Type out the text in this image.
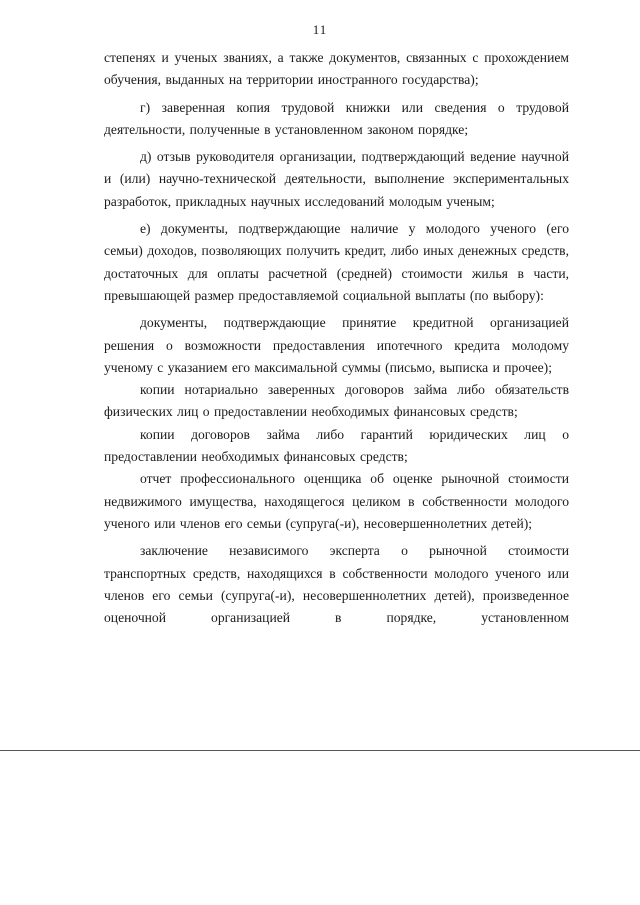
11

степенях и ученых званиях, а также документов, связанных с прохождением обучения, выданных на территории иностранного государства);

г) заверенная копия трудовой книжки или сведения о трудовой деятельности, полученные в установленном законом порядке;

д) отзыв руководителя организации, подтверждающий ведение научной и (или) научно-технической деятельности, выполнение экспериментальных разработок, прикладных научных исследований молодым ученым;

е) документы, подтверждающие наличие у молодого ученого (его семьи) доходов, позволяющих получить кредит, либо иных денежных средств, достаточных для оплаты расчетной (средней) стоимости жилья в части, превышающей размер предоставляемой социальной выплаты (по выбору):

документы, подтверждающие принятие кредитной организацией решения о возможности предоставления ипотечного кредита молодому ученому с указанием его максимальной суммы (письмо, выписка и прочее);

копии нотариально заверенных договоров займа либо обязательств физических лиц о предоставлении необходимых финансовых средств;

копии договоров займа либо гарантий юридических лиц о предоставлении необходимых финансовых средств;

отчет профессионального оценщика об оценке рыночной стоимости недвижимого имущества, находящегося целиком в собственности молодого ученого или членов его семьи (супруга(-и), несовершеннолетних детей);

заключение независимого эксперта о рыночной стоимости транспортных средств, находящихся в собственности молодого ученого или членов его семьи (супруга(-и), несовершеннолетних детей), произведенное оценочной организацией в порядке, установленном
